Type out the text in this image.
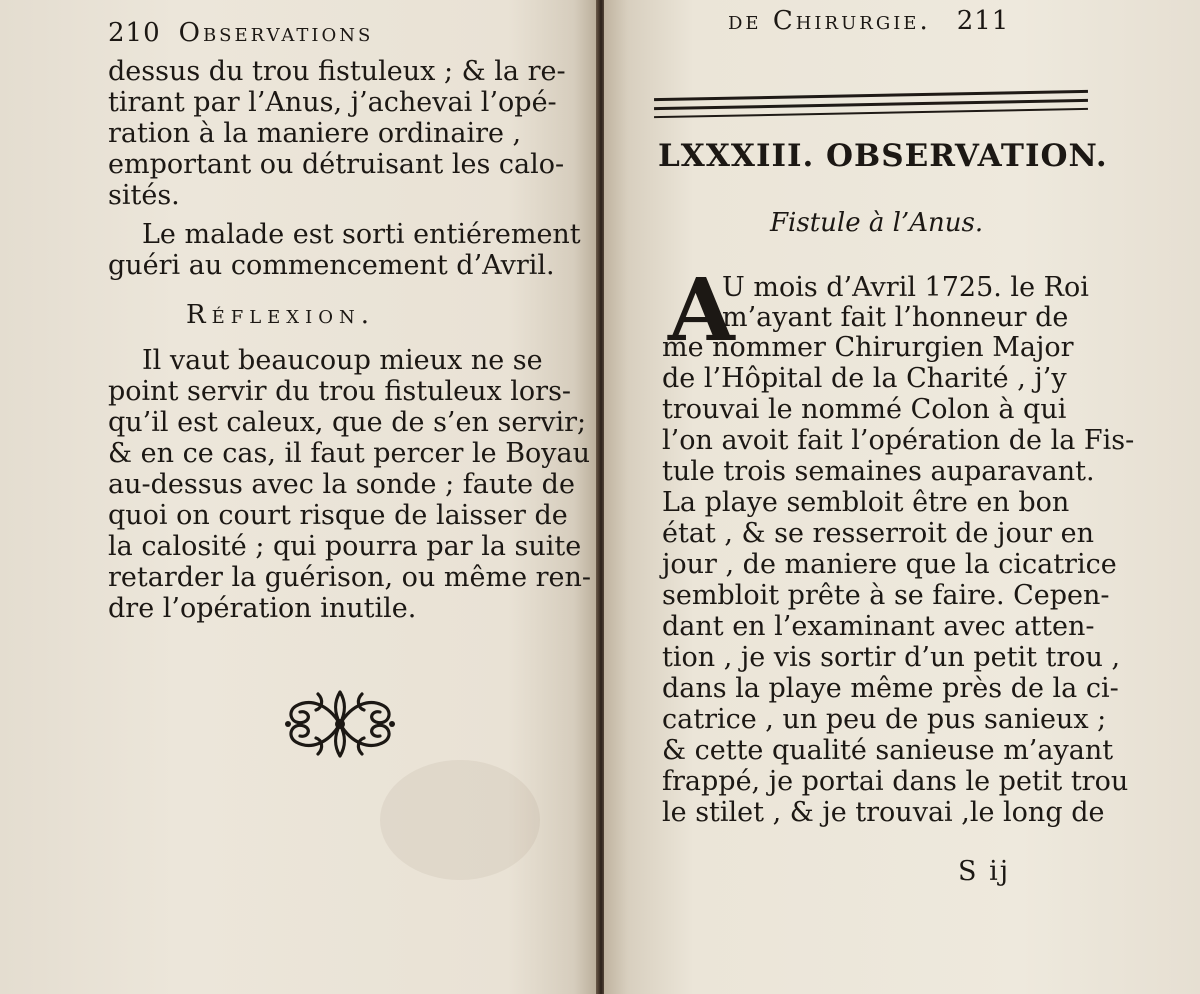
210 Observations
dessus du trou fistuleux ; & la re-
tirant par l’Anus, j’achevai l’opé-
ration à la maniere ordinaire ,
emportant ou détruisant les calo-
sités.
Le malade est sorti entiérement
guéri au commencement d’Avril.
Réflexion.
Il vaut beaucoup mieux ne se
point servir du trou fistuleux lors-
qu’il est caleux, que de s’en servir;
& en ce cas, il faut percer le Boyau
au-dessus avec la sonde ; faute de
quoi on court risque de laisser de
la calosité ; qui pourra par la suite
retarder la guérison, ou même ren-
dre l’opération inutile.
de Chirurgie. 211
LXXXIII. OBSERVATION.
Fistule à l’Anus.
A
U mois d’Avril 1725. le Roi
m’ayant fait l’honneur de
me nommer Chirurgien Major
de l’Hôpital de la Charité , j’y
trouvai le nommé Colon à qui
l’on avoit fait l’opération de la Fis-
tule trois semaines auparavant.
La playe sembloit être en bon
état , & se resserroit de jour en
jour , de maniere que la cicatrice
sembloit prête à se faire. Cepen-
dant en l’examinant avec atten-
tion , je vis sortir d’un petit trou ,
dans la playe même près de la ci-
catrice , un peu de pus sanieux ;
& cette qualité sanieuse m’ayant
frappé, je portai dans le petit trou
le stilet , & je trouvai ,le long de
S ij
